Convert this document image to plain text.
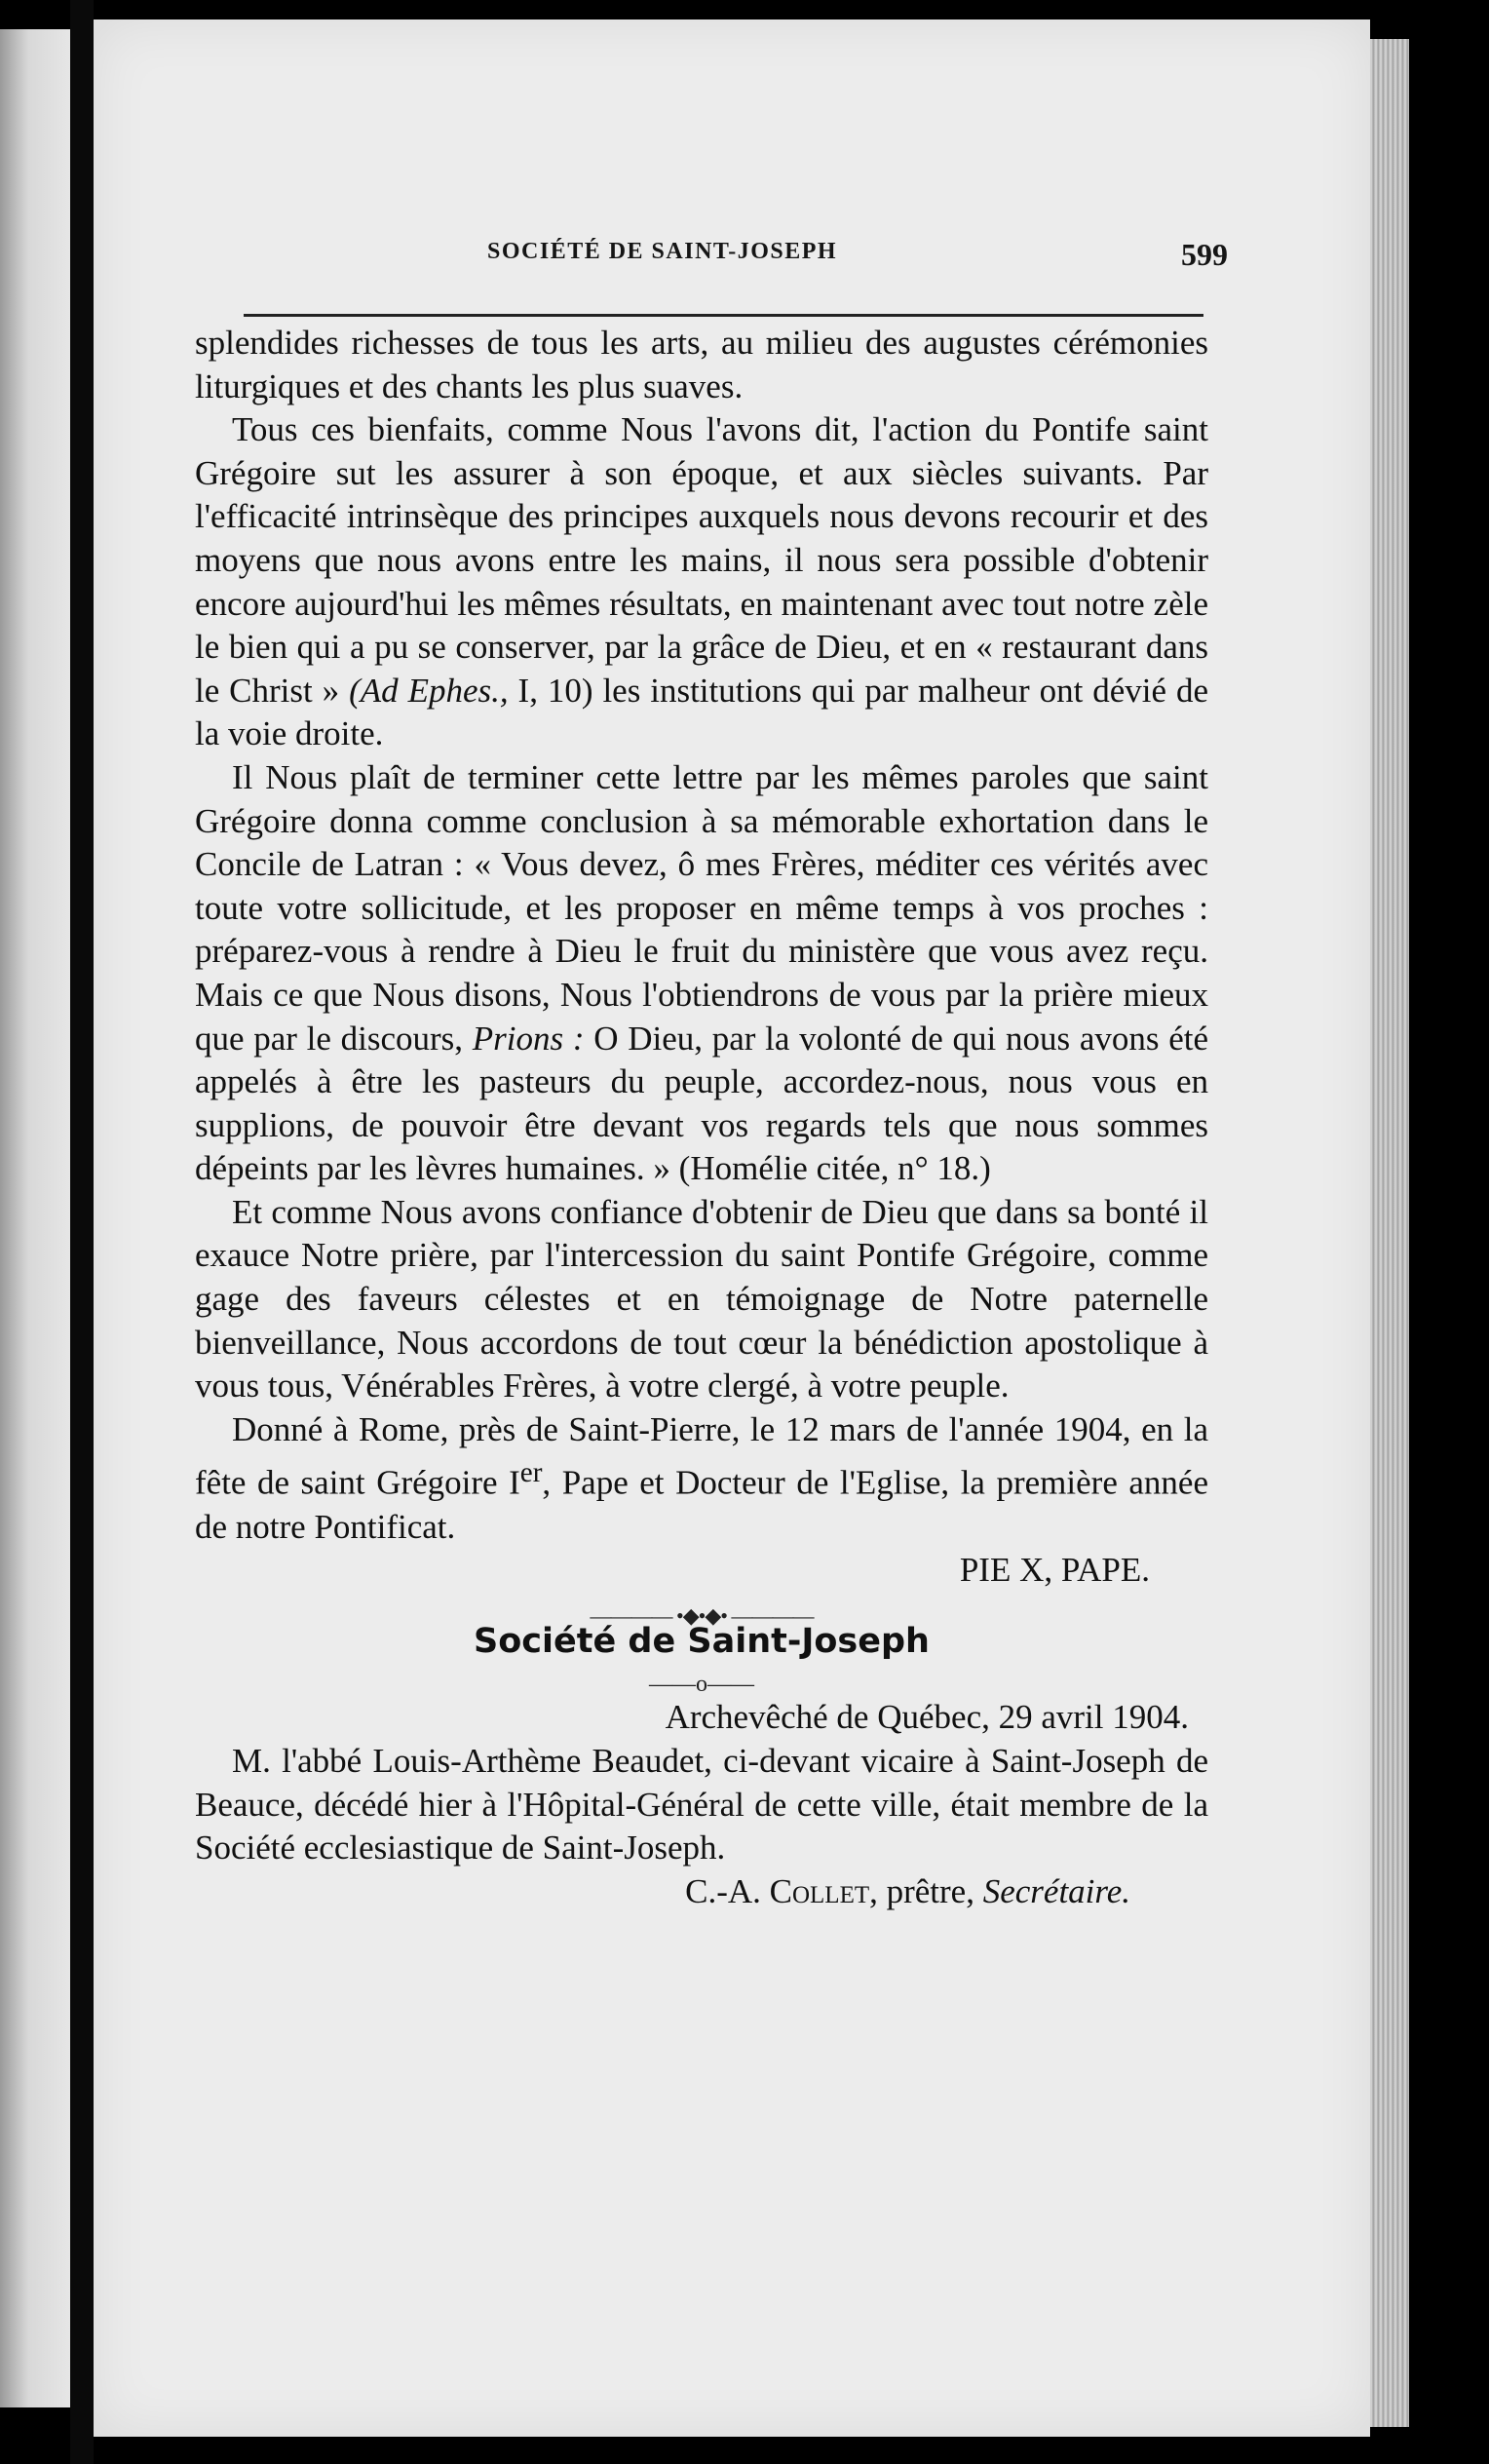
SOCIÉTÉ DE SAINT-JOSEPH	599

splendides richesses de tous les arts, au milieu des augustes cérémonies liturgiques et des chants les plus suaves.

Tous ces bienfaits, comme Nous l'avons dit, l'action du Pontife saint Grégoire sut les assurer à son époque, et aux siècles suivants. Par l'efficacité intrinsèque des principes auxquels nous devons recourir et des moyens que nous avons entre les mains, il nous sera possible d'obtenir encore aujourd'hui les mêmes résultats, en maintenant avec tout notre zèle le bien qui a pu se conserver, par la grâce de Dieu, et en « restaurant dans le Christ » (Ad Ephes., I, 10) les institutions qui par malheur ont dévié de la voie droite.

Il Nous plaît de terminer cette lettre par les mêmes paroles que saint Grégoire donna comme conclusion à sa mémorable exhortation dans le Concile de Latran : « Vous devez, ô mes Frères, méditer ces vérités avec toute votre sollicitude, et les proposer en même temps à vos proches : préparez-vous à rendre à Dieu le fruit du ministère que vous avez reçu. Mais ce que Nous disons, Nous l'obtiendrons de vous par la prière mieux que par le discours, Prions : O Dieu, par la volonté de qui nous avons été appelés à être les pasteurs du peuple, accordez-nous, nous vous en supplions, de pouvoir être devant vos regards tels que nous sommes dépeints par les lèvres humaines. » (Homélie citée, n° 18.)

Et comme Nous avons confiance d'obtenir de Dieu que dans sa bonté il exauce Notre prière, par l'intercession du saint Pontife Grégoire, comme gage des faveurs célestes et en témoignage de Notre paternelle bienveillance, Nous accordons de tout cœur la bénédiction apostolique à vous tous, Vénérables Frères, à votre clergé, à votre peuple.

Donné à Rome, près de Saint-Pierre, le 12 mars de l'année 1904, en la fête de saint Grégoire Ier, Pape et Docteur de l'Eglise, la première année de notre Pontificat.

PIE X, PAPE.

———— •◆•◆• ————

Société de Saint-Joseph

——o——

Archevêché de Québec, 29 avril 1904.

M. l'abbé Louis-Arthème Beaudet, ci-devant vicaire à Saint-Joseph de Beauce, décédé hier à l'Hôpital-Général de cette ville, était membre de la Société ecclesiastique de Saint-Joseph.

C.-A. Collet, prêtre, Secrétaire.
